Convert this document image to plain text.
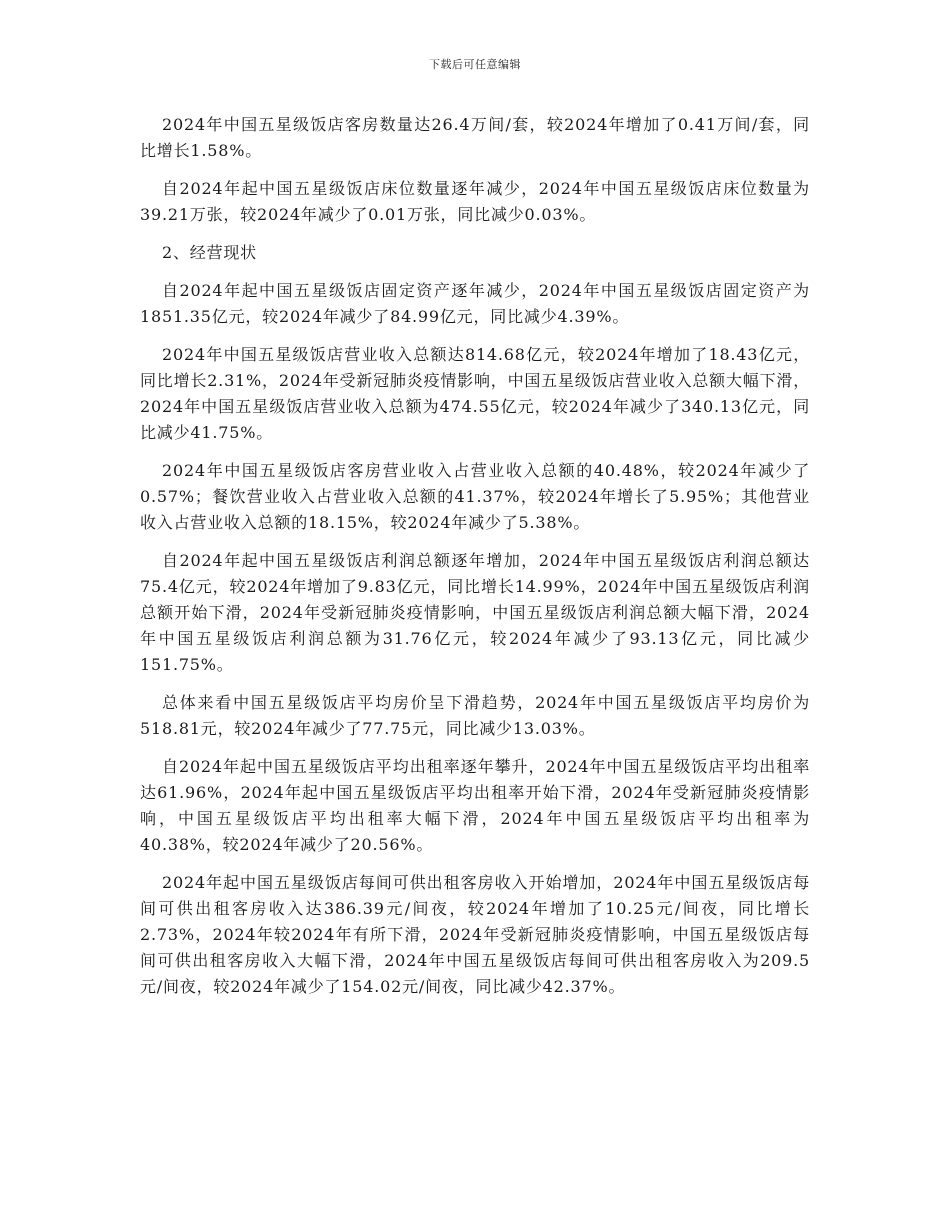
下载后可任意编辑

2024年中国五星级饭店客房数量达26.4万间/套，较2024年增加了0.41万间/套，同比增长1.58%。

自2024年起中国五星级饭店床位数量逐年减少，2024年中国五星级饭店床位数量为39.21万张，较2024年减少了0.01万张，同比减少0.03%。

2、经营现状

自2024年起中国五星级饭店固定资产逐年减少，2024年中国五星级饭店固定资产为1851.35亿元，较2024年减少了84.99亿元，同比减少4.39%。

2024年中国五星级饭店营业收入总额达814.68亿元，较2024年增加了18.43亿元，同比增长2.31%，2024年受新冠肺炎疫情影响，中国五星级饭店营业收入总额大幅下滑，2024年中国五星级饭店营业收入总额为474.55亿元，较2024年减少了340.13亿元，同比减少41.75%。

2024年中国五星级饭店客房营业收入占营业收入总额的40.48%，较2024年减少了0.57%；餐饮营业收入占营业收入总额的41.37%，较2024年增长了5.95%；其他营业收入占营业收入总额的18.15%，较2024年减少了5.38%。

自2024年起中国五星级饭店利润总额逐年增加，2024年中国五星级饭店利润总额达75.4亿元，较2024年增加了9.83亿元，同比增长14.99%，2024年中国五星级饭店利润总额开始下滑，2024年受新冠肺炎疫情影响，中国五星级饭店利润总额大幅下滑，2024年中国五星级饭店利润总额为31.76亿元，较2024年减少了93.13亿元，同比减少151.75%。

总体来看中国五星级饭店平均房价呈下滑趋势，2024年中国五星级饭店平均房价为518.81元，较2024年减少了77.75元，同比减少13.03%。

自2024年起中国五星级饭店平均出租率逐年攀升，2024年中国五星级饭店平均出租率达61.96%，2024年起中国五星级饭店平均出租率开始下滑，2024年受新冠肺炎疫情影响，中国五星级饭店平均出租率大幅下滑，2024年中国五星级饭店平均出租率为40.38%，较2024年减少了20.56%。

2024年起中国五星级饭店每间可供出租客房收入开始增加，2024年中国五星级饭店每间可供出租客房收入达386.39元/间夜，较2024年增加了10.25元/间夜，同比增长2.73%，2024年较2024年有所下滑，2024年受新冠肺炎疫情影响，中国五星级饭店每间可供出租客房收入大幅下滑，2024年中国五星级饭店每间可供出租客房收入为209.5元/间夜，较2024年减少了154.02元/间夜，同比减少42.37%。
